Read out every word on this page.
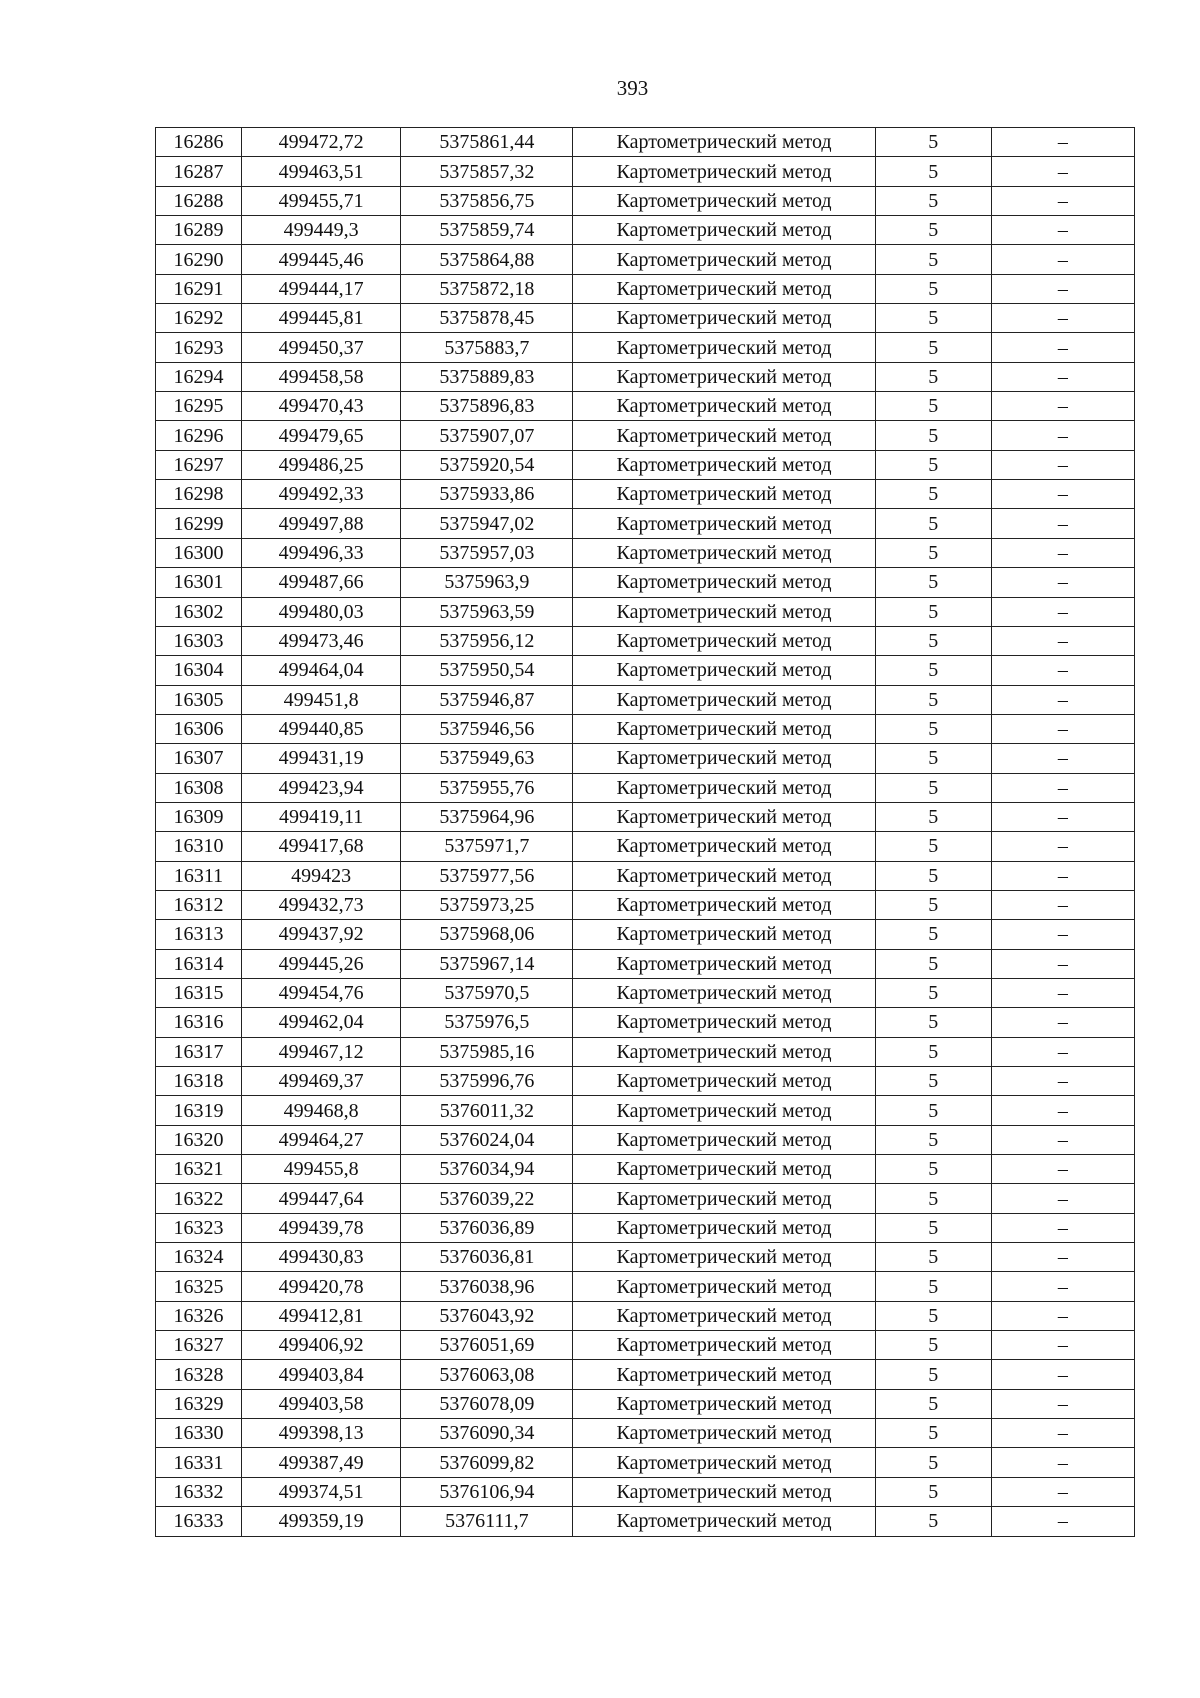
393
16286	499472,72	5375861,44	Картометрический метод	5	–
16287	499463,51	5375857,32	Картометрический метод	5	–
16288	499455,71	5375856,75	Картометрический метод	5	–
16289	499449,3	5375859,74	Картометрический метод	5	–
16290	499445,46	5375864,88	Картометрический метод	5	–
16291	499444,17	5375872,18	Картометрический метод	5	–
16292	499445,81	5375878,45	Картометрический метод	5	–
16293	499450,37	5375883,7	Картометрический метод	5	–
16294	499458,58	5375889,83	Картометрический метод	5	–
16295	499470,43	5375896,83	Картометрический метод	5	–
16296	499479,65	5375907,07	Картометрический метод	5	–
16297	499486,25	5375920,54	Картометрический метод	5	–
16298	499492,33	5375933,86	Картометрический метод	5	–
16299	499497,88	5375947,02	Картометрический метод	5	–
16300	499496,33	5375957,03	Картометрический метод	5	–
16301	499487,66	5375963,9	Картометрический метод	5	–
16302	499480,03	5375963,59	Картометрический метод	5	–
16303	499473,46	5375956,12	Картометрический метод	5	–
16304	499464,04	5375950,54	Картометрический метод	5	–
16305	499451,8	5375946,87	Картометрический метод	5	–
16306	499440,85	5375946,56	Картометрический метод	5	–
16307	499431,19	5375949,63	Картометрический метод	5	–
16308	499423,94	5375955,76	Картометрический метод	5	–
16309	499419,11	5375964,96	Картометрический метод	5	–
16310	499417,68	5375971,7	Картометрический метод	5	–
16311	499423	5375977,56	Картометрический метод	5	–
16312	499432,73	5375973,25	Картометрический метод	5	–
16313	499437,92	5375968,06	Картометрический метод	5	–
16314	499445,26	5375967,14	Картометрический метод	5	–
16315	499454,76	5375970,5	Картометрический метод	5	–
16316	499462,04	5375976,5	Картометрический метод	5	–
16317	499467,12	5375985,16	Картометрический метод	5	–
16318	499469,37	5375996,76	Картометрический метод	5	–
16319	499468,8	5376011,32	Картометрический метод	5	–
16320	499464,27	5376024,04	Картометрический метод	5	–
16321	499455,8	5376034,94	Картометрический метод	5	–
16322	499447,64	5376039,22	Картометрический метод	5	–
16323	499439,78	5376036,89	Картометрический метод	5	–
16324	499430,83	5376036,81	Картометрический метод	5	–
16325	499420,78	5376038,96	Картометрический метод	5	–
16326	499412,81	5376043,92	Картометрический метод	5	–
16327	499406,92	5376051,69	Картометрический метод	5	–
16328	499403,84	5376063,08	Картометрический метод	5	–
16329	499403,58	5376078,09	Картометрический метод	5	–
16330	499398,13	5376090,34	Картометрический метод	5	–
16331	499387,49	5376099,82	Картометрический метод	5	–
16332	499374,51	5376106,94	Картометрический метод	5	–
16333	499359,19	5376111,7	Картометрический метод	5	–
